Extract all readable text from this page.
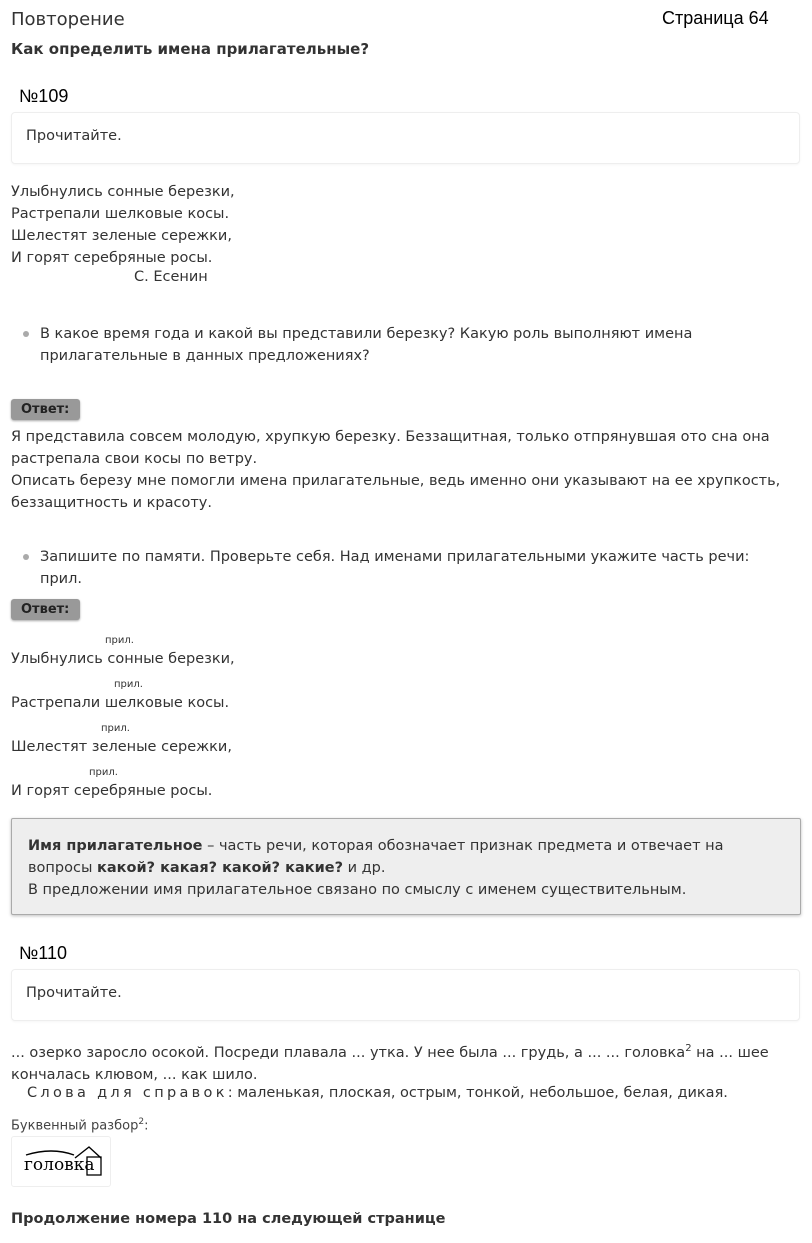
Повторение	Страница 64
Как определить имена прилагательные?
№109
Прочитайте.
Улыбнулись сонные березки,
Растрепали шелковые косы.
Шелестят зеленые сережки,
И горят серебряные росы.
С. Есенин
В какое время года и какой вы представили березку? Какую роль выполняют имена прилагательные в данных предложениях?
Ответ:
Я представила совсем молодую, хрупкую березку. Беззащитная, только отпрянувшая ото сна она растрепала свои косы по ветру.
Описать березу мне помогли имена прилагательные, ведь именно они указывают на ее хрупкость, беззащитность и красоту.
Запишите по памяти. Проверьте себя. Над именами прилагательными укажите часть речи: прил.
Ответ:
прил.
Улыбнулись сонные березки,
прил.
Растрепали шелковые косы.
прил.
Шелестят зеленые сережки,
прил.
И горят серебряные росы.
Имя прилагательное – часть речи, которая обозначает признак предмета и отвечает на вопросы какой? какая? какой? какие? и др.
В предложении имя прилагательное связано по смыслу с именем существительным.
№110
Прочитайте.
... озерко заросло осокой. Посреди плавала ... утка. У нее была ... грудь, а ... ... головка$^2$ на ... шее кончалась клювом, ... как шило.
Слова для справок: маленькая, плоская, острым, тонкой, небольшое, белая, дикая.
Буквенный разбор$^2$:
головка
Продолжение номера 110 на следующей странице
